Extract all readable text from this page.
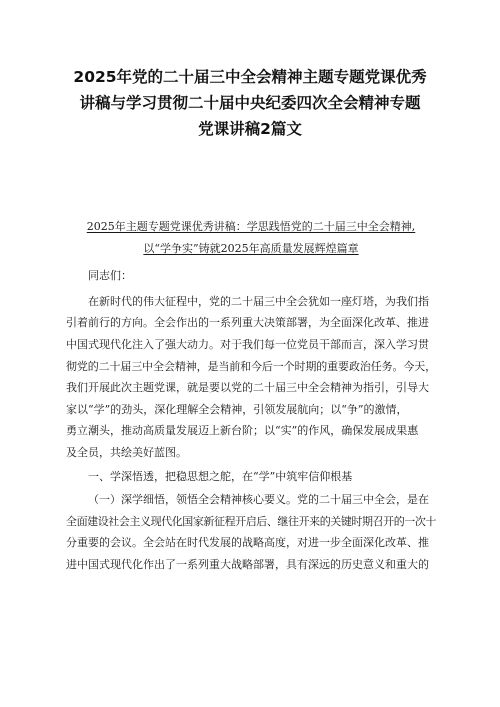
2025年党的二十届三中全会精神主题专题党课优秀
讲稿与学习贯彻二十届中央纪委四次全会精神专题
党课讲稿2篇文

2025年主题专题党课优秀讲稿：学思践悟党的二十届三中全会精神,
以“学争实”铸就2025年高质量发展辉煌篇章

同志们：

在新时代的伟大征程中，党的二十届三中全会犹如一座灯塔，为我们指
引着前行的方向。全会作出的一系列重大决策部署，为全面深化改革、推进
中国式现代化注入了强大动力。对于我们每一位党员干部而言，深入学习贯
彻党的二十届三中全会精神，是当前和今后一个时期的重要政治任务。今天，
我们开展此次主题党课，就是要以党的二十届三中全会精神为指引，引导大
家以“学”的劲头，深化理解全会精神，引领发展航向；以“争”的激情，
勇立潮头，推动高质量发展迈上新台阶；以“实”的作风，确保发展成果惠
及全员，共绘美好蓝图。

一、学深悟透，把稳思想之舵，在“学”中筑牢信仰根基

（一）深学细悟，领悟全会精神核心要义。党的二十届三中全会，是在
全面建设社会主义现代化国家新征程开启后、继往开来的关键时期召开的一次十
分重要的会议。全会站在时代发展的战略高度，对进一步全面深化改革、推
进中国式现代化作出了一系列重大战略部署，具有深远的历史意义和重大的
